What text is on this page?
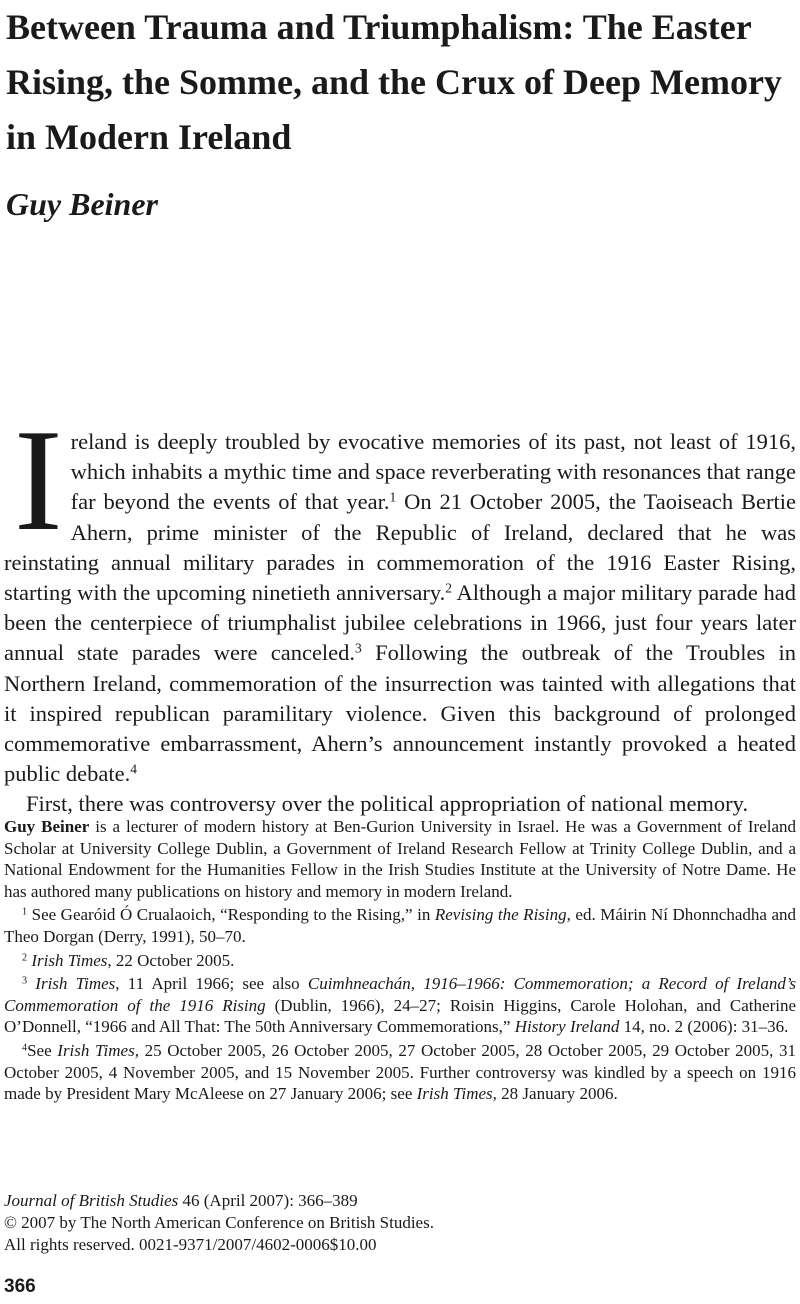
Between Trauma and Triumphalism: The Easter Rising, the Somme, and the Crux of Deep Memory in Modern Ireland
Guy Beiner

Ireland is deeply troubled by evocative memories of its past, not least of 1916, which inhabits a mythic time and space reverberating with resonances that range far beyond the events of that year.$^1$ On 21 October 2005, the Taoiseach Bertie Ahern, prime minister of the Republic of Ireland, declared that he was reinstating annual military parades in commemoration of the 1916 Easter Rising, starting with the upcoming ninetieth anniversary.$^2$ Although a major military parade had been the centerpiece of triumphalist jubilee celebrations in 1966, just four years later annual state parades were canceled.$^3$ Following the outbreak of the Troubles in Northern Ireland, commemoration of the insurrection was tainted with allegations that it inspired republican paramilitary violence. Given this background of prolonged commemorative embarrassment, Ahern’s announcement instantly provoked a heated public debate.$^4$

First, there was controversy over the political appropriation of national memory.

Guy Beiner is a lecturer of modern history at Ben-Gurion University in Israel. He was a Government of Ireland Scholar at University College Dublin, a Government of Ireland Research Fellow at Trinity College Dublin, and a National Endowment for the Humanities Fellow in the Irish Studies Institute at the University of Notre Dame. He has authored many publications on history and memory in modern Ireland.

$^1$ See Gearóid Ó Crualaoich, “Responding to the Rising,” in Revising the Rising, ed. Máirin Ní Dhonnchadha and Theo Dorgan (Derry, 1991), 50–70.

$^2$ Irish Times, 22 October 2005.

$^3$ Irish Times, 11 April 1966; see also Cuimhneachán, 1916–1966: Commemoration; a Record of Ireland’s Commemoration of the 1916 Rising (Dublin, 1966), 24–27; Roisin Higgins, Carole Holohan, and Catherine O’Donnell, “1966 and All That: The 50th Anniversary Commemorations,” History Ireland 14, no. 2 (2006): 31–36.

$^4$See Irish Times, 25 October 2005, 26 October 2005, 27 October 2005, 28 October 2005, 29 October 2005, 31 October 2005, 4 November 2005, and 15 November 2005. Further controversy was kindled by a speech on 1916 made by President Mary McAleese on 27 January 2006; see Irish Times, 28 January 2006.

Journal of British Studies 46 (April 2007): 366–389
© 2007 by The North American Conference on British Studies.
All rights reserved. 0021-9371/2007/4602-0006$10.00
366
